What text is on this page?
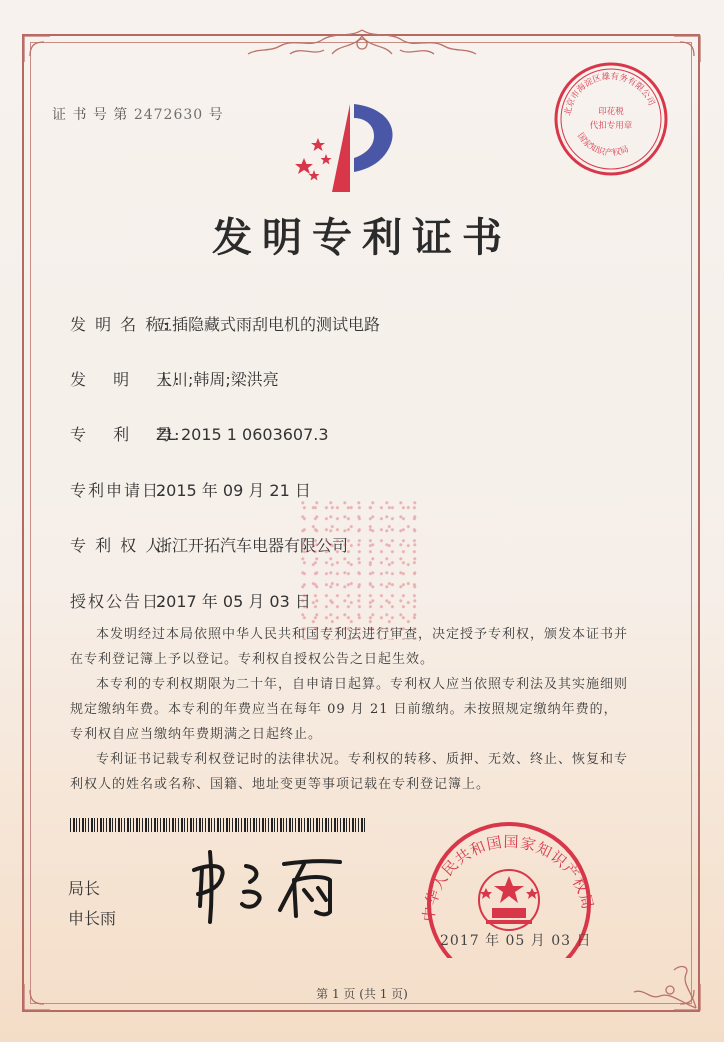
证 书 号 第 2472630 号
发明专利证书
北京市海淀区雄有务有限公司
印花税
代扣专用章
国家知识产权局
发 明 名 称:五插隐藏式雨刮电机的测试电路
发　 明　 人:王川;韩周;梁洪亮
专　 利　 号:ZL 2015 1 0603607.3
专利申请日:2015 年 09 月 21 日
专 利 权 人:浙江开拓汽车电器有限公司
授权公告日:2017 年 05 月 03 日

本发明经过本局依照中华人民共和国专利法进行审查，决定授予专利权，颁发本证书并在专利登记簿上予以登记。专利权自授权公告之日起生效。

本专利的专利权期限为二十年，自申请日起算。专利权人应当依照专利法及其实施细则规定缴纳年费。本专利的年费应当在每年 09 月 21 日前缴纳。未按照规定缴纳年费的，专利权自应当缴纳年费期满之日起终止。

专利证书记载专利权登记时的法律状况。专利权的转移、质押、无效、终止、恢复和专利权人的姓名或名称、国籍、地址变更等事项记载在专利登记簿上。

局长
申长雨	中华人民共和国国家知识产权局
2017 年 05 月 03 日
第 1 页 (共 1 页)
